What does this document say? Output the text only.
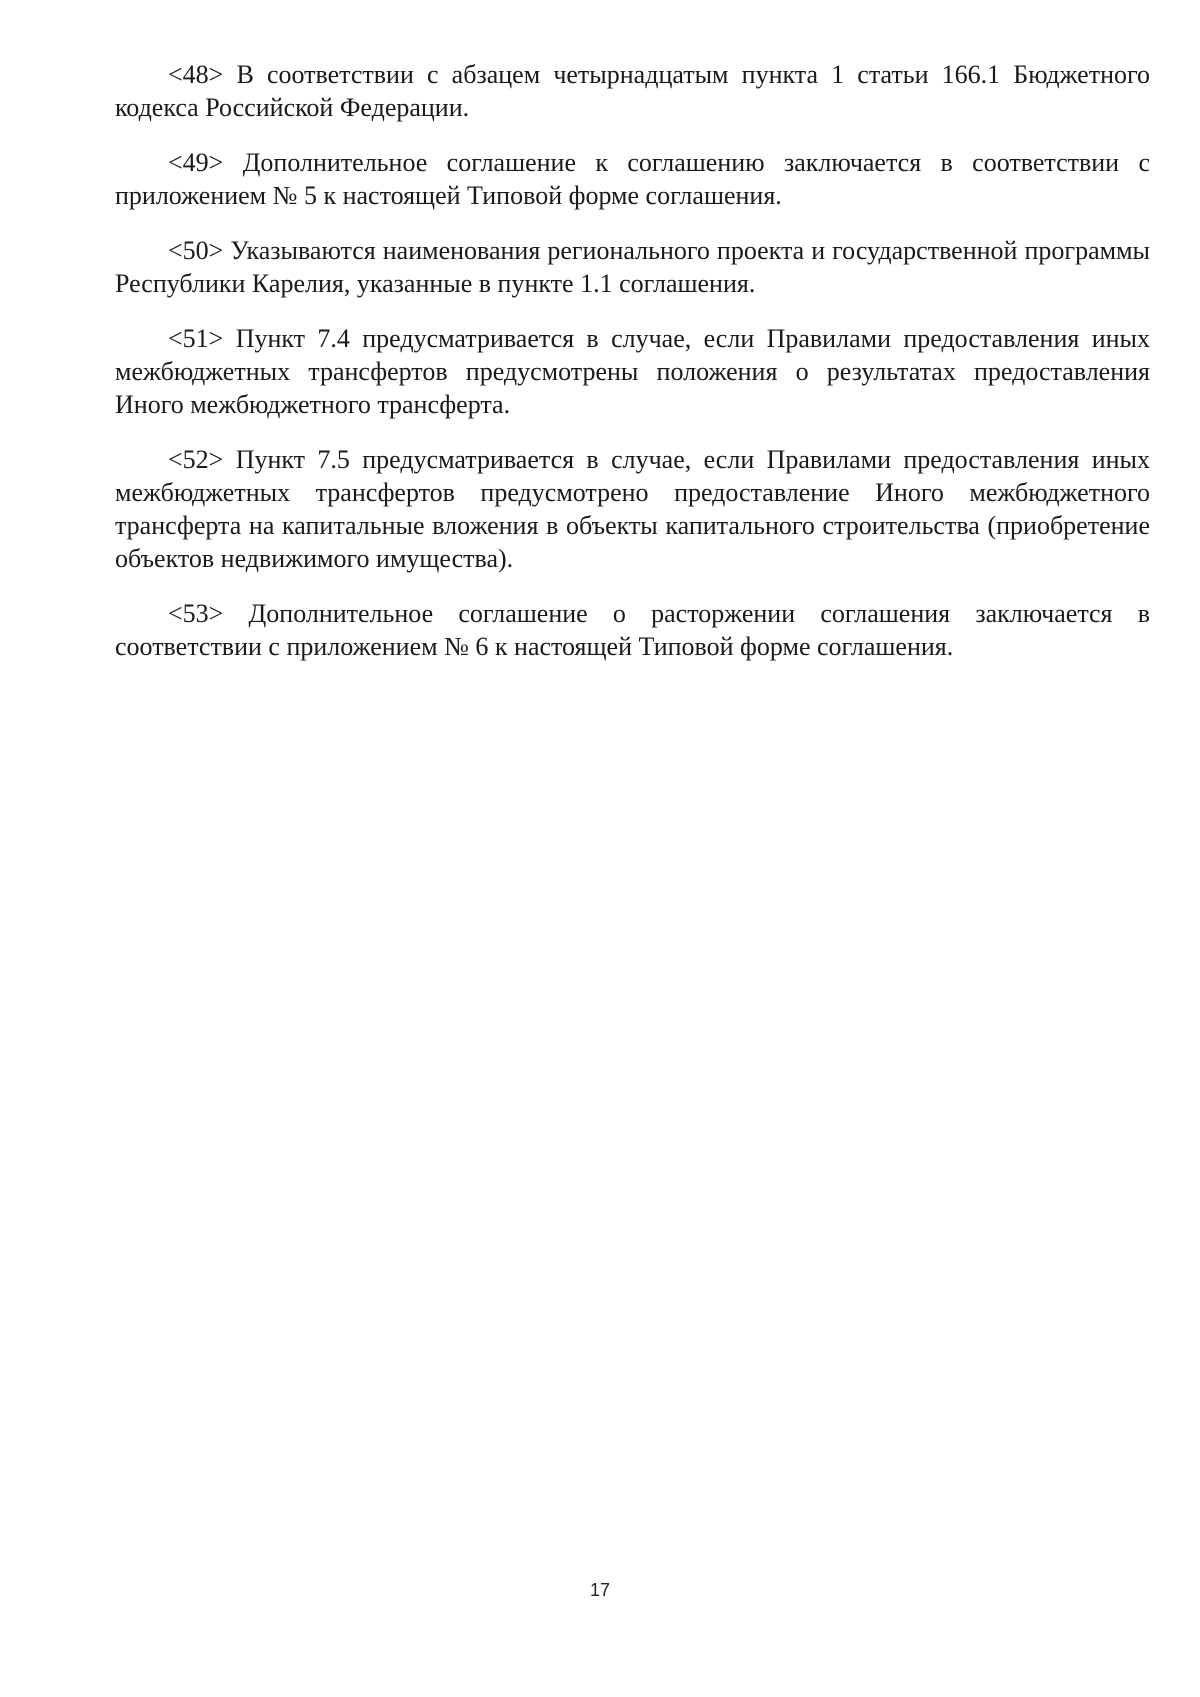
<48> В соответствии с абзацем четырнадцатым пункта 1 статьи 166.1 Бюджетного кодекса Российской Федерации.

<49> Дополнительное соглашение к соглашению заключается в соответствии с приложением № 5 к настоящей Типовой форме соглашения.

<50> Указываются наименования регионального проекта и государственной программы Республики Карелия, указанные в пункте 1.1 соглашения.

<51> Пункт 7.4 предусматривается в случае, если Правилами предоставления иных межбюджетных трансфертов предусмотрены положения о результатах предоставления Иного межбюджетного трансферта.

<52> Пункт 7.5 предусматривается в случае, если Правилами предоставления иных межбюджетных трансфертов предусмотрено предоставление Иного межбюджетного трансферта на капитальные вложения в объекты капитального строительства (приобретение объектов недвижимого имущества).

<53> Дополнительное соглашение о расторжении соглашения заключается в соответствии с приложением № 6 к настоящей Типовой форме соглашения.

17
